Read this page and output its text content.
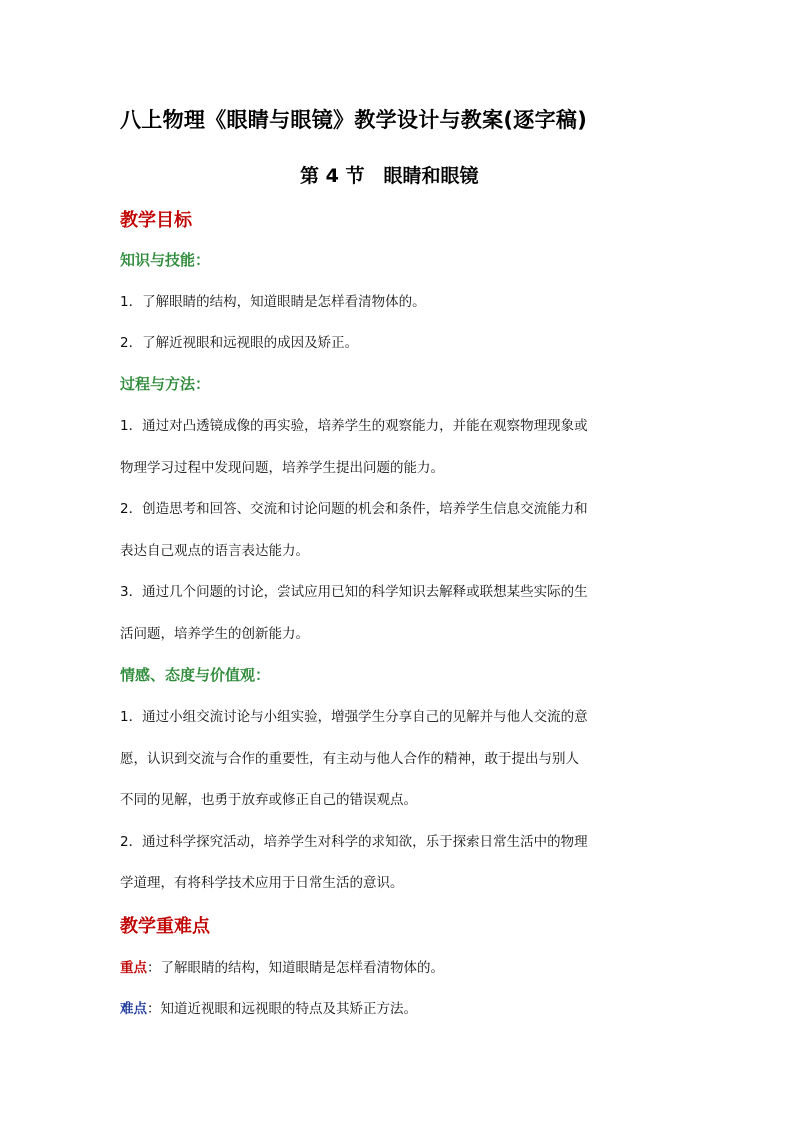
八上物理《眼睛与眼镜》教学设计与教案(逐字稿)
第 4 节　眼睛和眼镜
教学目标
知识与技能：
1．了解眼睛的结构，知道眼睛是怎样看清物体的。
2．了解近视眼和远视眼的成因及矫正。
过程与方法：
1．通过对凸透镜成像的再实验，培养学生的观察能力，并能在观察物理现象或
物理学习过程中发现问题，培养学生提出问题的能力。
2．创造思考和回答、交流和讨论问题的机会和条件，培养学生信息交流能力和
表达自己观点的语言表达能力。
3．通过几个问题的讨论，尝试应用已知的科学知识去解释或联想某些实际的生
活问题，培养学生的创新能力。
情感、态度与价值观：
1．通过小组交流讨论与小组实验，增强学生分享自己的见解并与他人交流的意
愿，认识到交流与合作的重要性，有主动与他人合作的精神，敢于提出与别人
不同的见解，也勇于放弃或修正自己的错误观点。
2．通过科学探究活动，培养学生对科学的求知欲，乐于探索日常生活中的物理
学道理，有将科学技术应用于日常生活的意识。
教学重难点
重点：了解眼睛的结构，知道眼睛是怎样看清物体的。
难点：知道近视眼和远视眼的特点及其矫正方法。
